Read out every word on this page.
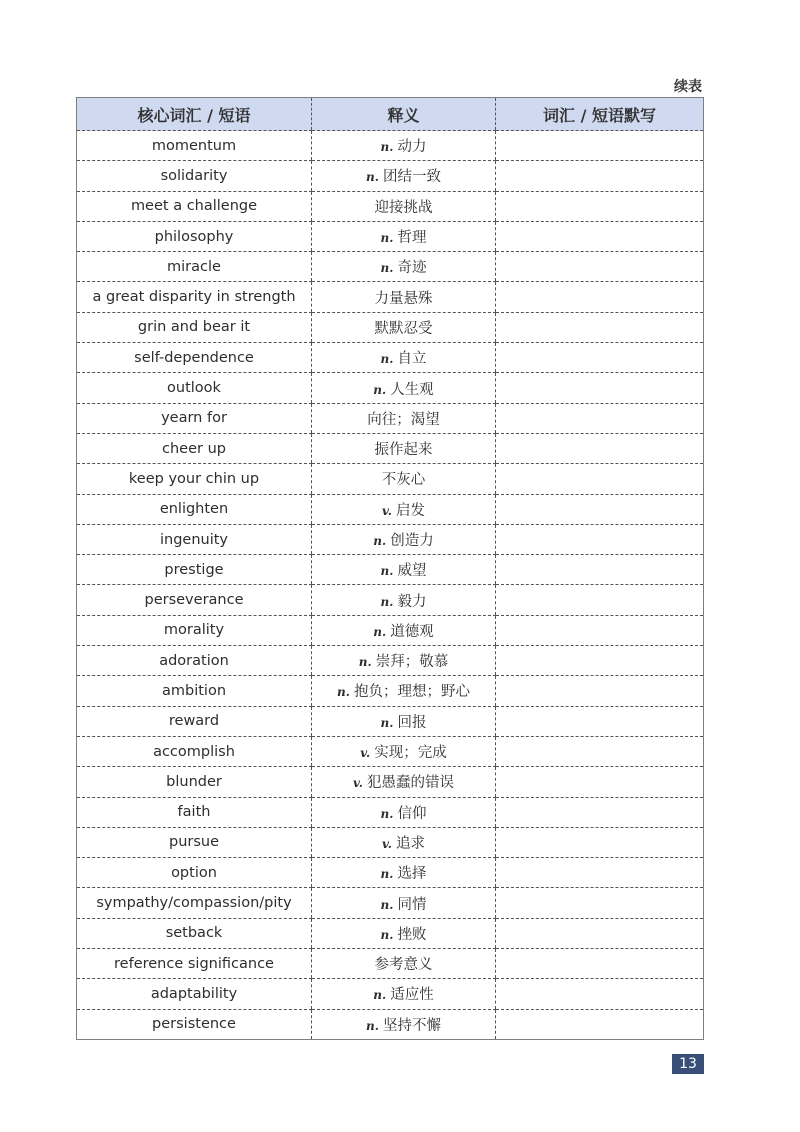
续表
核心词汇 / 短语	释义	词汇 / 短语默写
momentum	n. 动力	
solidarity	n. 团结一致	
meet a challenge	迎接挑战	
philosophy	n. 哲理	
miracle	n. 奇迹	
a great disparity in strength	力量悬殊	
grin and bear it	默默忍受	
self-dependence	n. 自立	
outlook	n. 人生观	
yearn for	向往；渴望	
cheer up	振作起来	
keep your chin up	不灰心	
enlighten	v. 启发	
ingenuity	n. 创造力	
prestige	n. 威望	
perseverance	n. 毅力	
morality	n. 道德观	
adoration	n. 崇拜；敬慕	
ambition	n. 抱负；理想；野心	
reward	n. 回报	
accomplish	v. 实现；完成	
blunder	v. 犯愚蠢的错误	
faith	n. 信仰	
pursue	v. 追求	
option	n. 选择	
sympathy/compassion/pity	n. 同情	
setback	n. 挫败	
reference significance	参考意义	
adaptability	n. 适应性	
persistence	n. 坚持不懈	
13
